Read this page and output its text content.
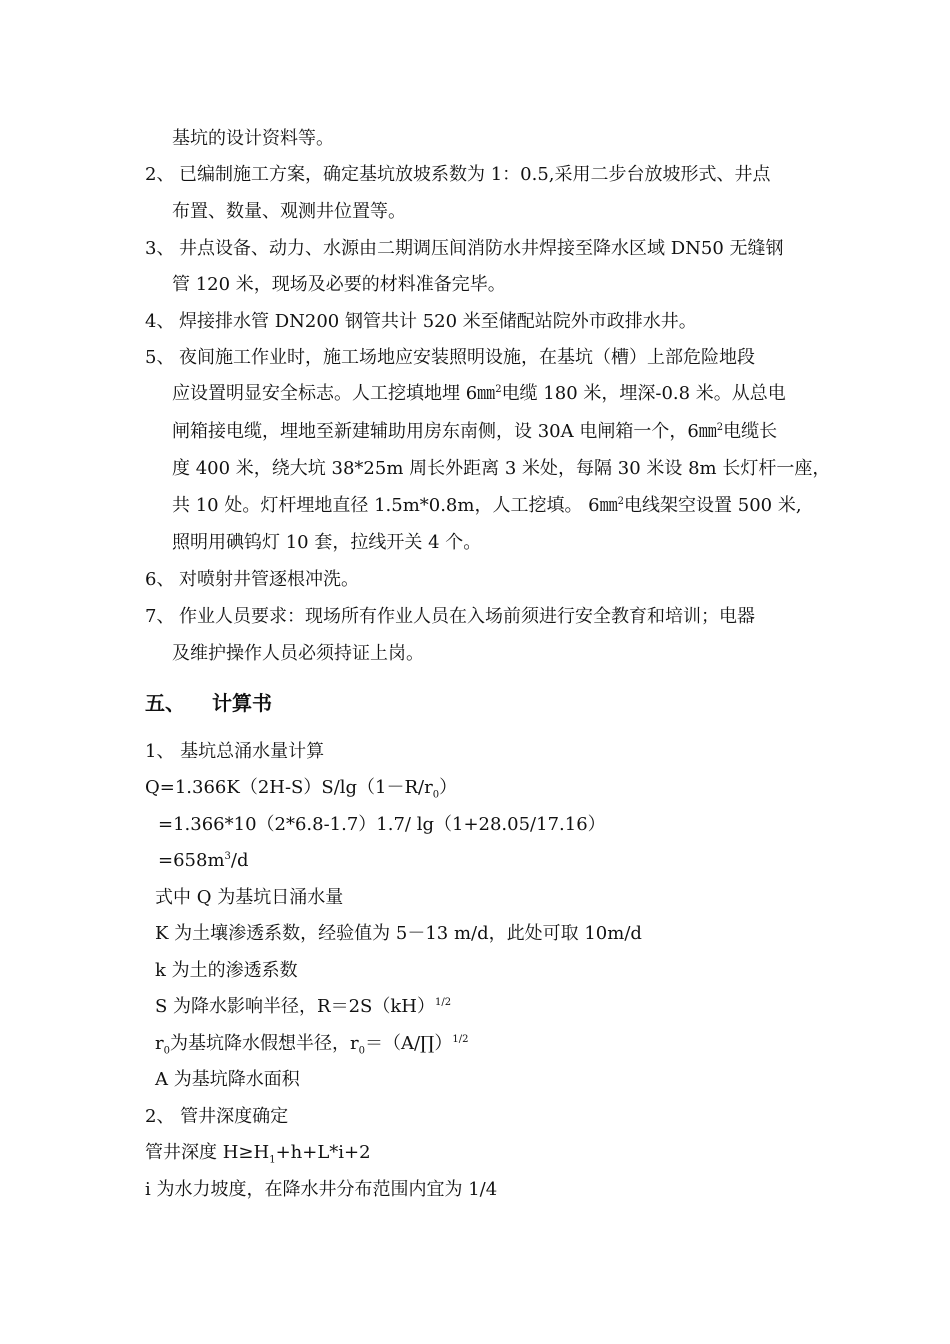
基坑的设计资料等。
2、 已编制施工方案，确定基坑放坡系数为 1：0.5,采用二步台放坡形式、井点
布置、数量、观测井位置等。
3、 井点设备、动力、水源由二期调压间消防水井焊接至降水区域 DN50 无缝钢
管 120 米，现场及必要的材料准备完毕。
4、 焊接排水管 DN200 钢管共计 520 米至储配站院外市政排水井。
5、 夜间施工作业时，施工场地应安装照明设施，在基坑（槽）上部危险地段
应设置明显安全标志。人工挖填地埋 6㎜$^2$电缆 180 米，埋深-0.8 米。从总电
闸箱接电缆，埋地至新建辅助用房东南侧，设 30A 电闸箱一个，6㎜$^2$电缆长
度 400 米，绕大坑 38*25m 周长外距离 3 米处，每隔 30 米设 8m 长灯杆一座，
共 10 处。灯杆埋地直径 1.5m*0.8m，人工挖填。 6㎜$^2$电线架空设置 500 米,
照明用碘钨灯 10 套，拉线开关 4 个。
6、 对喷射井管逐根冲洗。
7、 作业人员要求：现场所有作业人员在入场前须进行安全教育和培训；电器
及维护操作人员必须持证上岗。
五、 计算书
1、 基坑总涌水量计算
$Q=1.366K(2H-S)S/\lg(1-R/r_0)$
=1.366*10（2*6.8-1.7）1.7/ lg（1+28.05/17.16）
$=658m^3/d$
式中 Q 为基坑日涌水量
K 为土壤渗透系数，经验值为 5－13 m/d，此处可取 10m/d
k 为土的渗透系数
S 为降水影响半径，R＝2S（kH）$^{1/2}$
$r_0$为基坑降水假想半径，$r_0=(A/\prod)^{1/2}$
A 为基坑降水面积
2、 管井深度确定
管井深度 $H\ge H_1+h+L*i+2$
i 为水力坡度，在降水井分布范围内宜为 1/4
